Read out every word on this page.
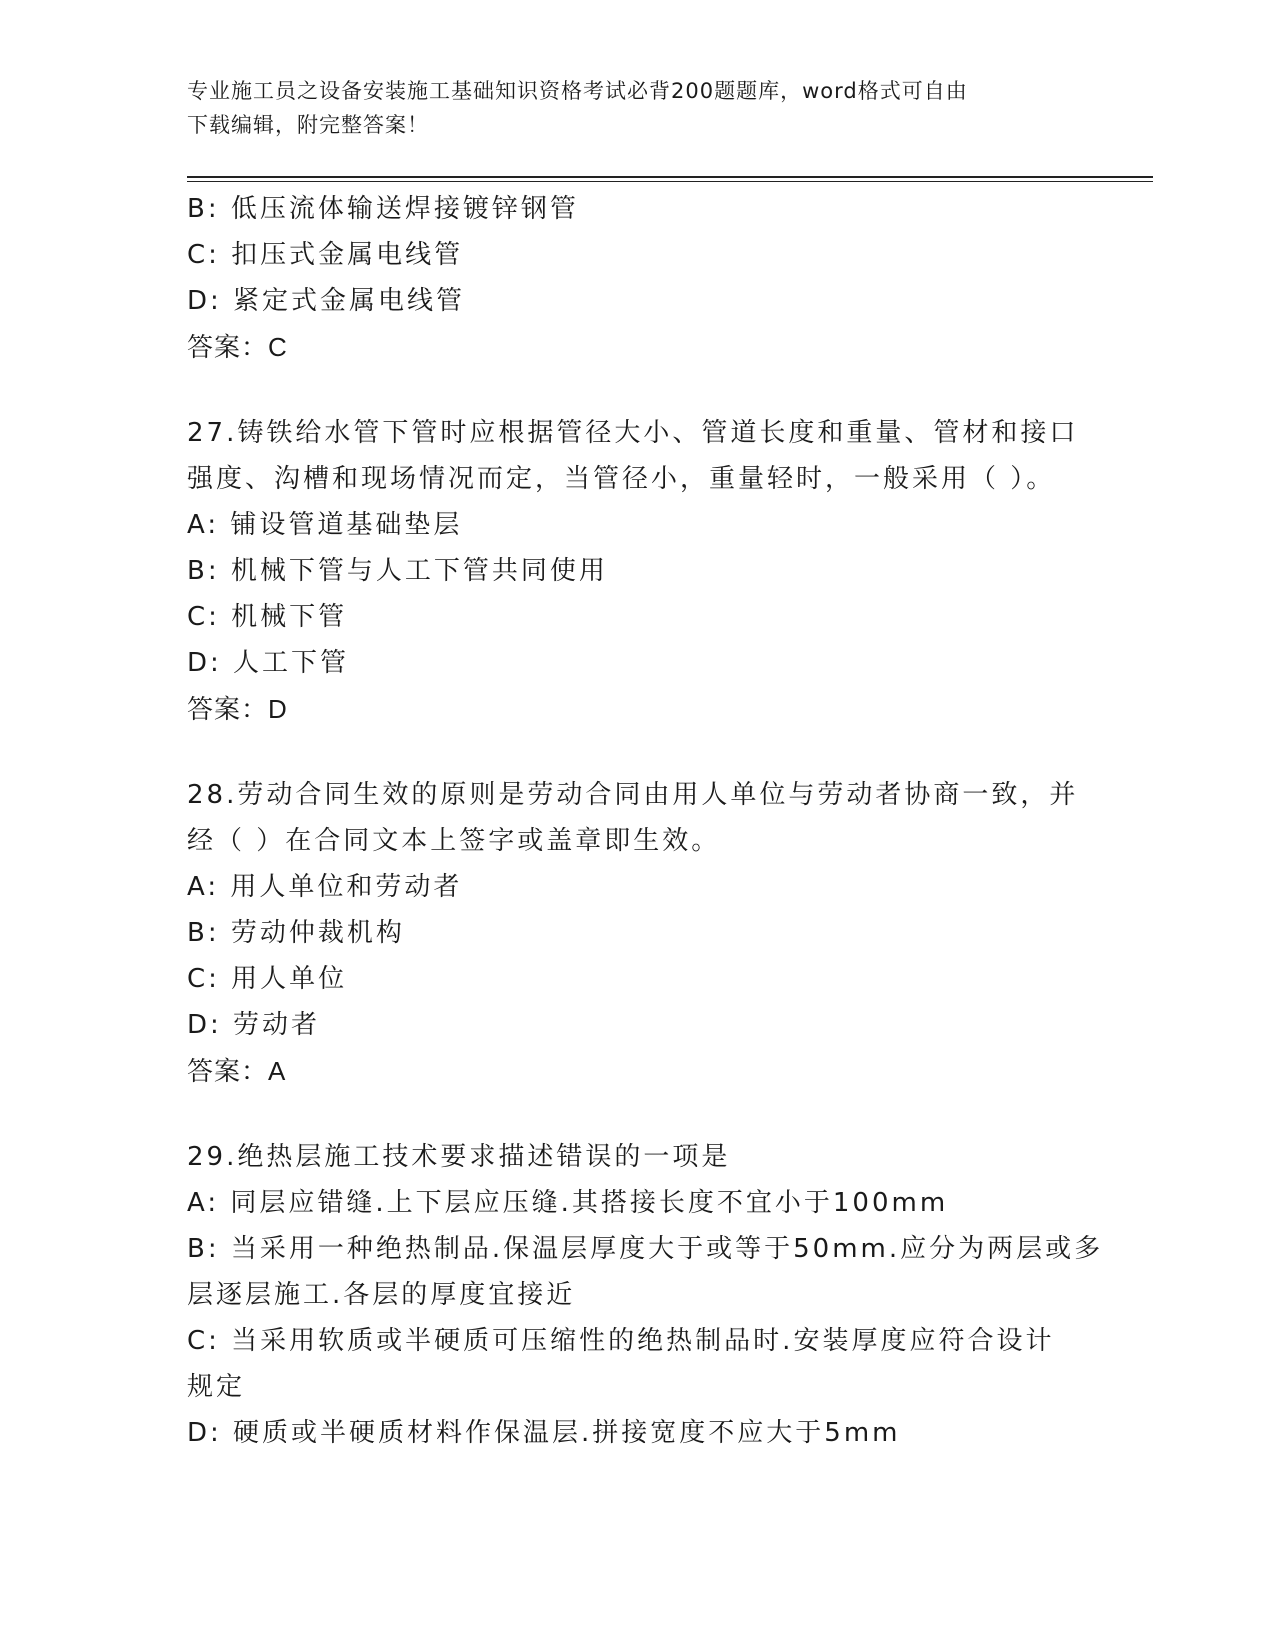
专业施工员之设备安装施工基础知识资格考试必背200题题库，word格式可自由
下载编辑，附完整答案！

B: 低压流体输送焊接镀锌钢管

C: 扣压式金属电线管

D: 紧定式金属电线管

答案：C

27.铸铁给水管下管时应根据管径大小、管道长度和重量、管材和接口

强度、沟槽和现场情况而定，当管径小，重量轻时，一般采用（ ）。

A: 铺设管道基础垫层

B: 机械下管与人工下管共同使用

C: 机械下管

D: 人工下管

答案：D

28.劳动合同生效的原则是劳动合同由用人单位与劳动者协商一致，并

经（ ）在合同文本上签字或盖章即生效。

A: 用人单位和劳动者

B: 劳动仲裁机构

C: 用人单位

D: 劳动者

答案：A

29.绝热层施工技术要求描述错误的一项是

A: 同层应错缝.上下层应压缝.其搭接长度不宜小于100mm

B: 当采用一种绝热制品.保温层厚度大于或等于50mm.应分为两层或多

层逐层施工.各层的厚度宜接近

C: 当采用软质或半硬质可压缩性的绝热制品时.安装厚度应符合设计

规定

D: 硬质或半硬质材料作保温层.拼接宽度不应大于5mm
